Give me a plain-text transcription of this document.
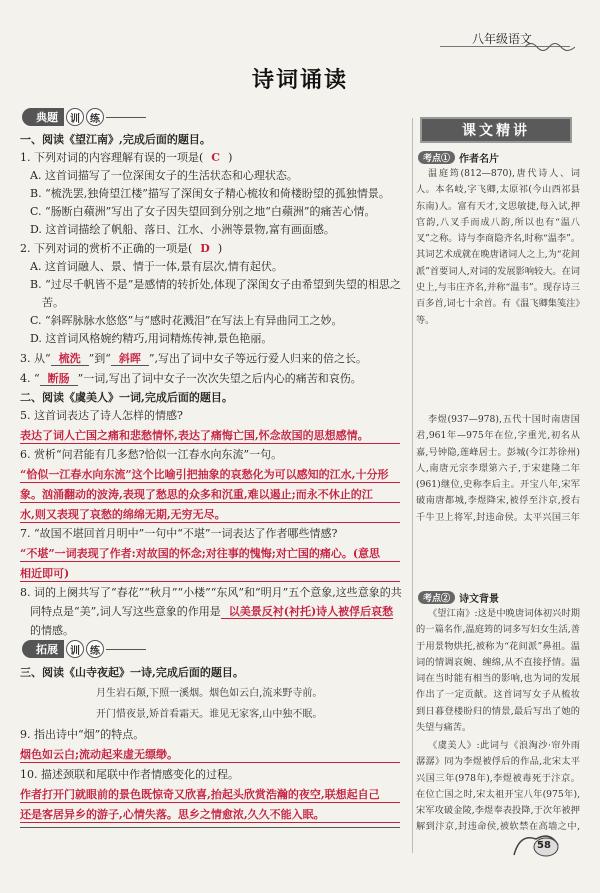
八年级语文
诗词诵读
典题	训	练
一、阅读《望江南》,完成后面的题目。
1. 下列对词的内容理解有误的一项是( C )
A. 这首词描写了一位深闺女子的生活状态和心理状态。
B. “梳洗罢,独倚望江楼”描写了深闺女子精心梳妆和倚楼盼望的孤独情景。
C. “肠断白蘋洲”写出了女子因失望回到分别之地“白蘋洲”的痛苦心情。
D. 这首词描绘了帆船、落日、江水、小洲等景物,富有画面感。
2. 下列对词的赏析不正确的一项是( D )
A. 这首词融人、景、情于一体,景有层次,情有起伏。
B. “过尽千帆皆不是”是感情的转折处,体现了深闺女子由希望到失望的相思之
苦。
C. “斜晖脉脉水悠悠”与“感时花溅泪”在写法上有异曲同工之妙。
D. 这首词风格婉约精巧,用词精炼传神,景色艳丽。
3. 从“ 梳洗 ”到“ 斜晖 ”,写出了词中女子等远行爱人归来的倍之长。
4. “ 断肠 ”一词,写出了词中女子一次次失望之后内心的痛苦和哀伤。
二、阅读《虞美人》一词,完成后面的题目。
5. 这首词表达了诗人怎样的情感?
表达了词人亡国之痛和悲愁情怀,表达了痛悔亡国,怀念故国的思想感情。
6. 赏析“问君能有几多愁?恰似一江春水向东流”一句。
“恰似一江春水向东流”这个比喻引把抽象的哀愁化为可以感知的江水,十分形
象。汹涌翻动的波涛,表现了愁思的众多和沉重,难以遏止;而永不休止的江
水,则又表现了哀愁的绵绵无期,无穷无尽。
7. “故国不堪回首月明中”一句中“不堪”一词表达了作者哪些情感?
“不堪”一词表现了作者:对故国的怀念;对往事的愧悔;对亡国的痛心。(意思
相近即可)
8. 词的上阕共写了“春花”“秋月”“小楼”“东风”和“明月”五个意象,这些意象的共
同特点是“美”,词人写这些意象的作用是 以美景反衬(衬托)诗人被俘后哀愁
的情感。
拓展	训	练
三、阅读《山寺夜起》一诗,完成后面的题目。
月生岩石颠,下照一溪烟。烟色如云白,流来野寺前。
开门惜夜景,矫首看霜天。谁见无家客,山中独不眠。
9. 指出诗中“烟”的特点。
烟色如云白;流动起来虚无缥缈。
10. 描述颈联和尾联中作者情感变化的过程。
作者打开门就眼前的景色既惊奇又欣喜,抬起头欣赏浩瀚的夜空,联想起自己
还是客居异乡的游子,心情失落。思乡之情愈浓,久久不能入眠。
课文精讲
考点① 作者名片
温庭筠(812—870),唐代诗人、词人。本名岐,字飞卿,太原祁(今山西祁县东南)人。富有天才,文思敏捷,每入试,押官韵,八叉手而成八韵,所以也有“温八叉”之称。诗与李商隐齐名,时称“温李”。其词艺术成就在晚唐诸词人之上,为“花间派”首要词人,对词的发展影响较大。在词史上,与韦庄齐名,并称“温韦”。现存诗三百多首,词七十余首。有《温飞卿集笺注》等。
李煜(937—978),五代十国时南唐国君,961年—975年在位,字重光,初名从嘉,号钟隐,莲峰居士。彭城(今江苏徐州)人,南唐元宗李璟第六子,于宋建隆二年(961)继位,史称李后主。开宝八年,宋军破南唐都城,李煜降宋,被俘至汴京,授右千牛卫上将军,封违命侯。太平兴国三年
考点② 诗文背景
《望江南》:这是中晚唐词体初兴时期的一篇名作,温庭筠的词多写妇女生活,善于用景物烘托,被称为“花间派”鼻祖。温词的情调哀婉、缠绵,从不直接抒情。温词在当时能有相当的影响,也为词的发展作出了一定贡献。这首词写女子从梳妆到日暮登楼盼归的情景,最后写出了她的失望与痛苦。
《虞美人》:此词与《浪淘沙·帘外雨潺潺》同为李煜被俘后的作品,北宋太平兴国三年(978年),李煜被毒死于汴京。在位亡国之时,宋太祖开宝八年(975年),宋军攻破金陵,李煜奉表投降,于次年被押解到汴京,封违命侯,被软禁在高墙之中,
58
